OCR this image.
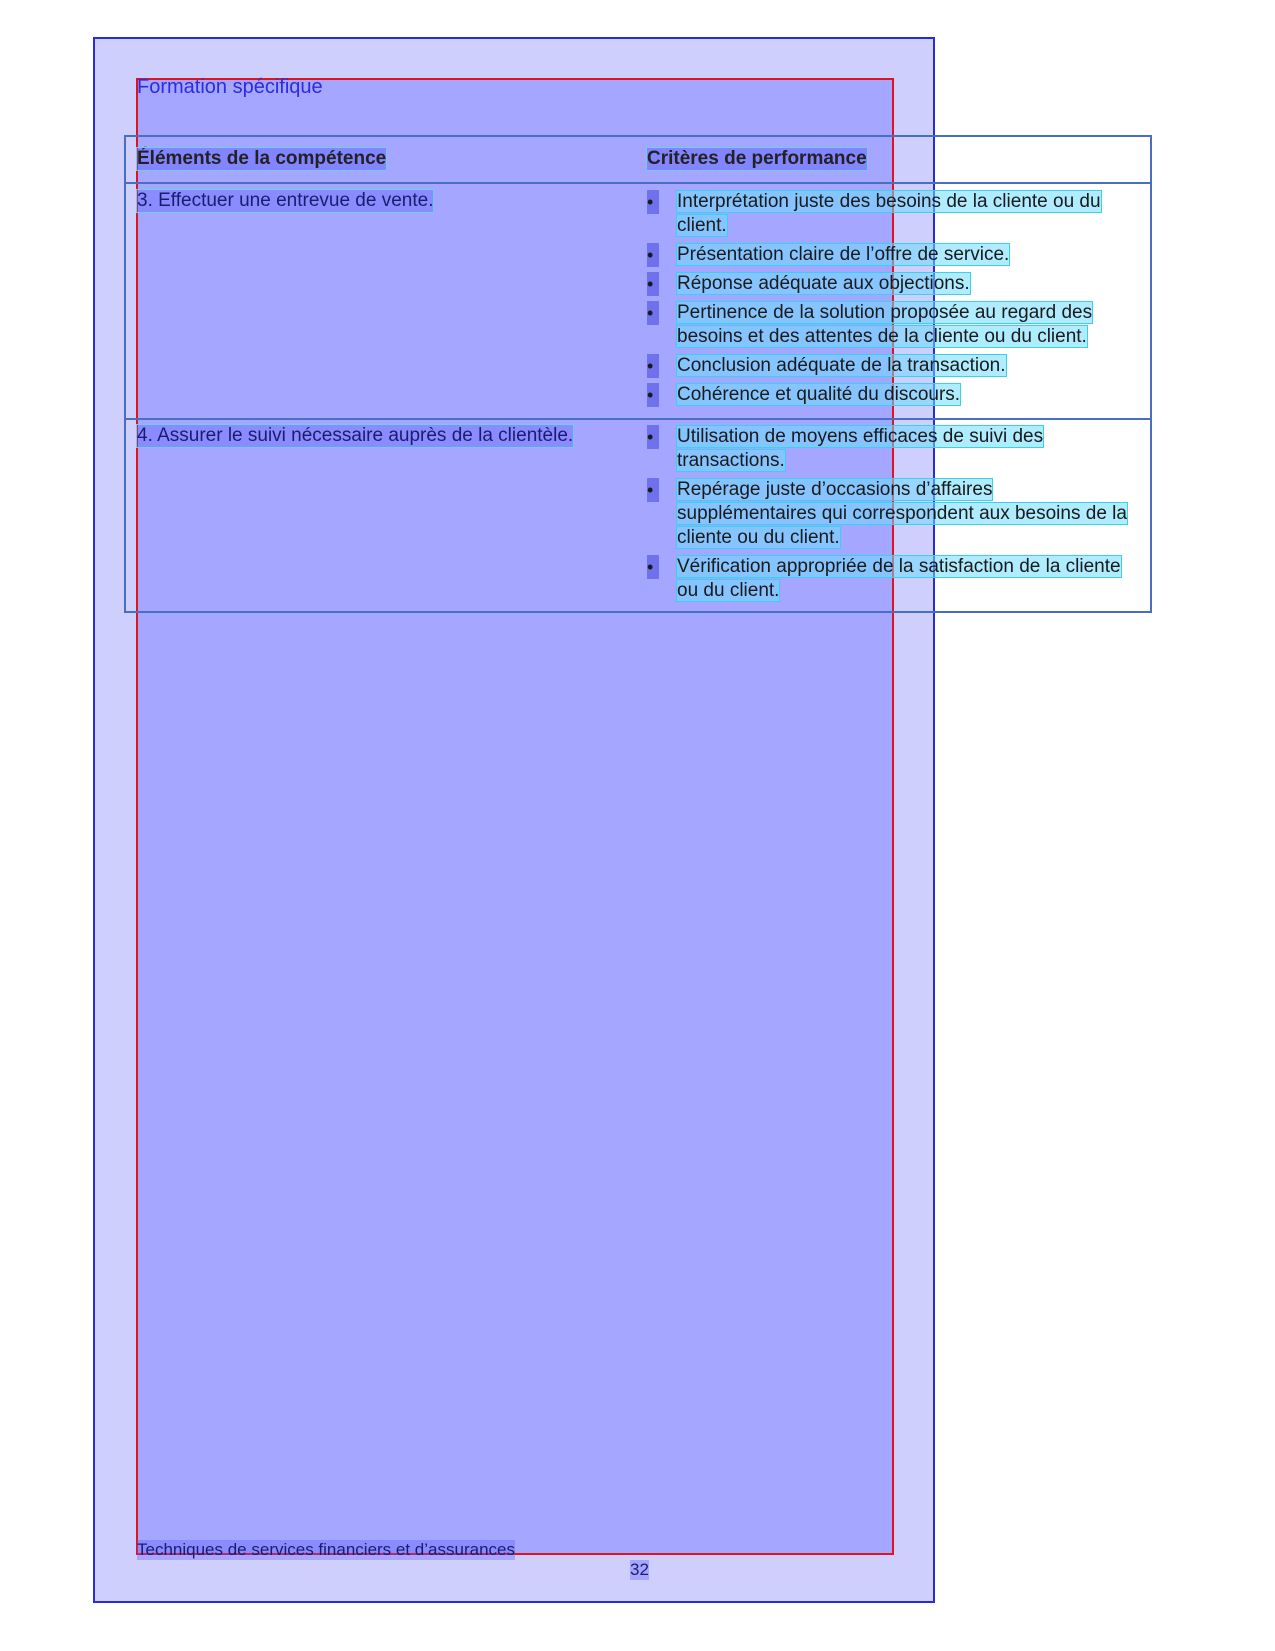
Formation spécifique
Éléments de la compétence	Critères de performance
3. Effectuer une entrevue de vente.	• Interprétation juste des besoins de la cliente ou du client.
• Présentation claire de l’offre de service.
• Réponse adéquate aux objections.
• Pertinence de la solution proposée au regard des besoins et des attentes de la cliente ou du client.
• Conclusion adéquate de la transaction.
• Cohérence et qualité du discours.
4. Assurer le suivi nécessaire auprès de la clientèle.	• Utilisation de moyens efficaces de suivi des transactions.
• Repérage juste d’occasions d’affaires supplémentaires qui correspondent aux besoins de la cliente ou du client.
• Vérification appropriée de la satisfaction de la cliente ou du client.
Techniques de services financiers et d’assurances
32
